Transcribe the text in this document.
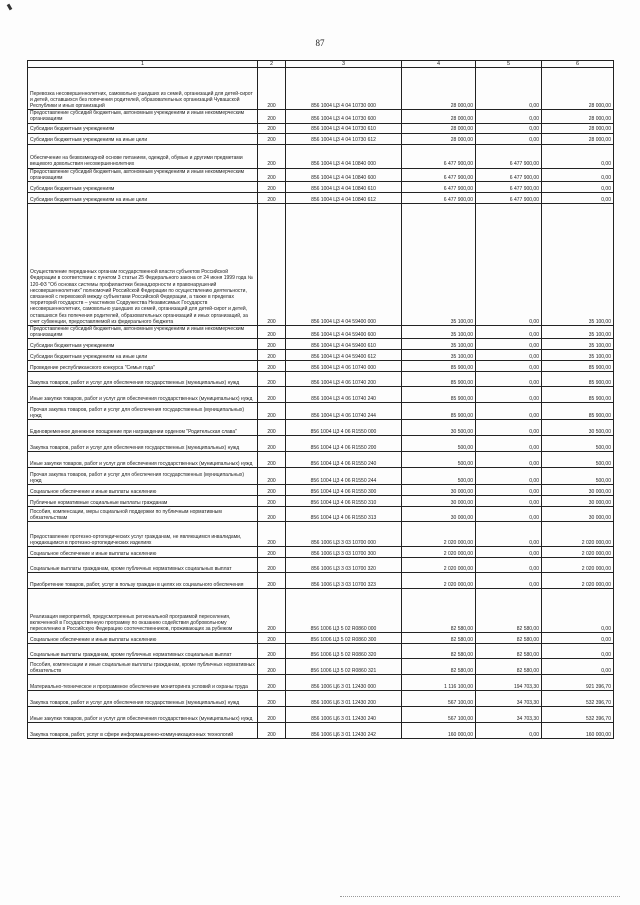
87
1	2	3	4	5	6
Перевозка несовершеннолетних, самовольно ушедших из семей, организаций для детей-сирот и детей, оставшихся без попечения родителей, образовательных организаций Чувашской Республики и иных организаций	200	856 1004 Ц3 4 04 10730 000	28 000,00	0,00	28 000,00
Предоставление субсидий бюджетным, автономным учреждениям и иным некоммерческим организациям	200	856 1004 Ц3 4 04 10730 600	28 000,00	0,00	28 000,00
Субсидии бюджетным учреждениям	200	856 1004 Ц3 4 04 10730 610	28 000,00	0,00	28 000,00
Субсидии бюджетным учреждениям на иные цели	200	856 1004 Ц3 4 04 10730 612	28 000,00	0,00	28 000,00
Обеспечение на безвозмездной основе питанием, одеждой, обувью и другими предметами вещевого довольствия несовершеннолетних	200	856 1004 Ц3 4 04 10840 000	6 477 900,00	6 477 900,00	0,00
Предоставление субсидий бюджетным, автономным учреждениям и иным некоммерческим организациям	200	856 1004 Ц3 4 04 10840 600	6 477 900,00	6 477 900,00	0,00
Субсидии бюджетным учреждениям	200	856 1004 Ц3 4 04 10840 610	6 477 900,00	6 477 900,00	0,00
Субсидии бюджетным учреждениям на иные цели	200	856 1004 Ц3 4 04 10840 612	6 477 900,00	6 477 900,00	0,00
Осуществление переданных органам государственной власти субъектов Российской Федерации в соответствии с пунктом 3 статьи 25 Федерального закона от 24 июня 1999 года № 120-ФЗ "Об основах системы профилактики безнадзорности и правонарушений несовершеннолетних" полномочий Российской Федерации по осуществлению деятельности, связанной с перевозкой между субъектами Российской Федерации, а также в пределах территорий государств – участников Содружества Независимых Государств несовершеннолетних, самовольно ушедших из семей, организаций для детей-сирот и детей, оставшихся без попечения родителей, образовательных организаций и иных организаций, за счет субвенции, предоставляемой из федерального бюджета	200	856 1004 Ц3 4 04 59400 000	35 100,00	0,00	35 100,00
Предоставление субсидий бюджетным, автономным учреждениям и иным некоммерческим организациям	200	856 1004 Ц3 4 04 59400 600	35 100,00	0,00	35 100,00
Субсидии бюджетным учреждениям	200	856 1004 Ц3 4 04 59400 610	35 100,00	0,00	35 100,00
Субсидии бюджетным учреждениям на иные цели	200	856 1004 Ц3 4 04 59400 612	35 100,00	0,00	35 100,00
Проведение республиканского конкурса "Семья года"	200	856 1004 Ц3 4 06 10740 000	85 900,00	0,00	85 900,00
Закупка товаров, работ и услуг для обеспечения государственных (муниципальных) нужд	200	856 1004 Ц3 4 06 10740 200	85 900,00	0,00	85 900,00
Иные закупки товаров, работ и услуг для обеспечения государственных (муниципальных) нужд	200	856 1004 Ц3 4 06 10740 240	85 900,00	0,00	85 900,00
Прочая закупка товаров, работ и услуг для обеспечения государственных (муниципальных) нужд	200	856 1004 Ц3 4 06 10740 244	85 900,00	0,00	85 900,00
Единовременное денежное поощрение при награждении орденом "Родительская слава"	200	856 1004 Ц3 4 06 R1550 000	30 500,00	0,00	30 500,00
Закупка товаров, работ и услуг для обеспечения государственных (муниципальных) нужд	200	856 1004 Ц3 4 06 R1550 200	500,00	0,00	500,00
Иные закупки товаров, работ и услуг для обеспечения государственных (муниципальных) нужд	200	856 1004 Ц3 4 06 R1550 240	500,00	0,00	500,00
Прочая закупка товаров, работ и услуг для обеспечения государственных (муниципальных) нужд	200	856 1004 Ц3 4 06 R1550 244	500,00	0,00	500,00
Социальное обеспечение и иные выплаты населению	200	856 1004 Ц3 4 06 R1550 300	30 000,00	0,00	30 000,00
Публичные нормативные социальные выплаты гражданам	200	856 1004 Ц3 4 06 R1550 310	30 000,00	0,00	30 000,00
Пособия, компенсации, меры социальной поддержки по публичным нормативным обязательствам	200	856 1004 Ц3 4 06 R1550 313	30 000,00	0,00	30 000,00
Предоставление протезно-ортопедических услуг гражданам, не являющимся инвалидами, нуждающимся в протезно-ортопедических изделиях	200	856 1006 Ц3 3 03 10700 000	2 020 000,00	0,00	2 020 000,00
Социальное обеспечение и иные выплаты населению	200	856 1006 Ц3 3 03 10700 300	2 020 000,00	0,00	2 020 000,00
Социальные выплаты гражданам, кроме публичных нормативных социальных выплат	200	856 1006 Ц3 3 03 10700 320	2 020 000,00	0,00	2 020 000,00
Приобретение товаров, работ, услуг в пользу граждан в целях их социального обеспечения	200	856 1006 Ц3 3 03 10700 323	2 020 000,00	0,00	2 020 000,00
Реализация мероприятий, предусмотренных региональной программой переселения, включенной в Государственную программу по оказанию содействия добровольному переселению в Российскую Федерацию соотечественников, проживающих за рубежом	200	856 1006 Ц3 5 02 R0860 000	82 580,00	82 580,00	0,00
Социальное обеспечение и иные выплаты населению	200	856 1006 Ц3 5 02 R0860 300	82 580,00	82 580,00	0,00
Социальные выплаты гражданам, кроме публичных нормативных социальных выплат	200	856 1006 Ц3 5 02 R0860 320	82 580,00	82 580,00	0,00
Пособия, компенсации и иные социальные выплаты гражданам, кроме публичных нормативных обязательств	200	856 1006 Ц3 5 02 R0860 321	82 580,00	82 580,00	0,00
Материально-техническое и программное обеспечение мониторинга условий и охраны труда	200	856 1006 Ц6 3 01 12430 000	1 116 100,00	194 703,30	921 396,70
Закупка товаров, работ и услуг для обеспечения государственных (муниципальных) нужд	200	856 1006 Ц6 3 01 12430 200	567 100,00	34 703,30	532 396,70
Иные закупки товаров, работ и услуг для обеспечения государственных (муниципальных) нужд	200	856 1006 Ц6 3 01 12430 240	567 100,00	34 703,30	532 396,70
Закупка товаров, работ, услуг в сфере информационно-коммуникационных технологий	200	856 1006 Ц6 3 01 12430 242	160 000,00	0,00	160 000,00
